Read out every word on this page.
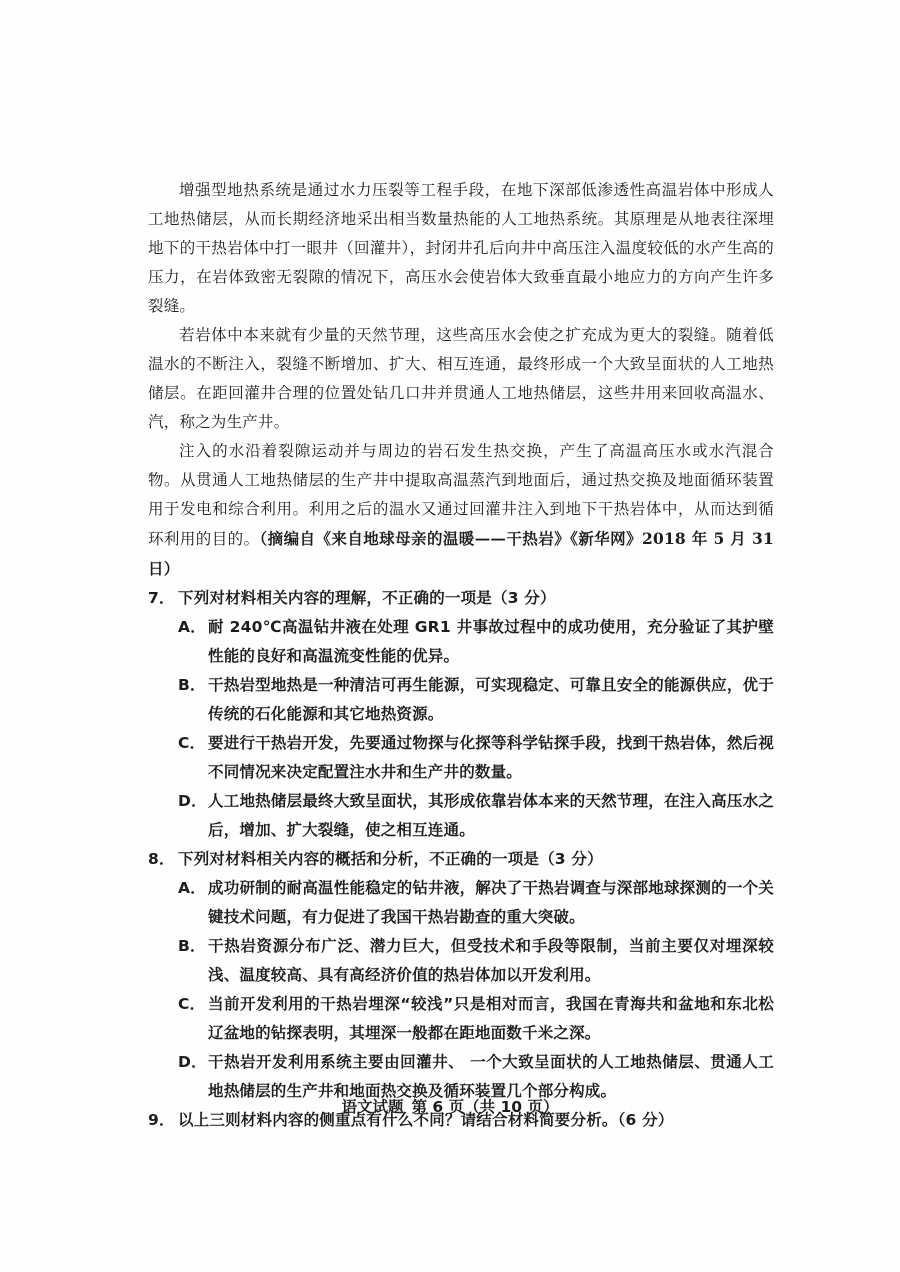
增强型地热系统是通过水力压裂等工程手段，在地下深部低渗透性高温岩体中形成人工地热储层，从而长期经济地采出相当数量热能的人工地热系统。其原理是从地表往深埋地下的干热岩体中打一眼井（回灌井），封闭井孔后向井中高压注入温度较低的水产生高的压力，在岩体致密无裂隙的情况下，高压水会使岩体大致垂直最小地应力的方向产生许多裂缝。

若岩体中本来就有少量的天然节理，这些高压水会使之扩充成为更大的裂缝。随着低温水的不断注入，裂缝不断增加、扩大、相互连通，最终形成一个大致呈面状的人工地热储层。在距回灌井合理的位置处钻几口井并贯通人工地热储层，这些井用来回收高温水、汽，称之为生产井。

注入的水沿着裂隙运动并与周边的岩石发生热交换，产生了高温高压水或水汽混合物。从贯通人工地热储层的生产井中提取高温蒸汽到地面后，通过热交换及地面循环装置用于发电和综合利用。利用之后的温水又通过回灌井注入到地下干热岩体中，从而达到循环利用的目的。（摘编自《来自地球母亲的温暖——干热岩》《新华网》2018 年 5 月 31 日）

7． 下列对材料相关内容的理解，不正确的一项是（3 分）
A． 耐 240℃高温钻井液在处理 GR1 井事故过程中的成功使用，充分验证了其护壁性能的良好和高温流变性能的优异。
B． 干热岩型地热是一种清洁可再生能源，可实现稳定、可靠且安全的能源供应，优于传统的石化能源和其它地热资源。
C． 要进行干热岩开发，先要通过物探与化探等科学钻探手段，找到干热岩体，然后视不同情况来决定配置注水井和生产井的数量。
D． 人工地热储层最终大致呈面状，其形成依靠岩体本来的天然节理，在注入高压水之后，增加、扩大裂缝，使之相互连通。
8． 下列对材料相关内容的概括和分析，不正确的一项是（3 分）
A． 成功研制的耐高温性能稳定的钻井液，解决了干热岩调查与深部地球探测的一个关键技术问题，有力促进了我国干热岩勘查的重大突破。
B． 干热岩资源分布广泛、潜力巨大，但受技术和手段等限制，当前主要仅对埋深较浅、温度较高、具有高经济价值的热岩体加以开发利用。
C． 当前开发利用的干热岩埋深“较浅”只是相对而言，我国在青海共和盆地和东北松辽盆地的钻探表明，其埋深一般都在距地面数千米之深。
D． 干热岩开发利用系统主要由回灌井、 一个大致呈面状的人工地热储层、贯通人工地热储层的生产井和地面热交换及循环装置几个部分构成。
9． 以上三则材料内容的侧重点有什么不同？请结合材料简要分析。（6 分）
语文试题 第 6 页（共 10 页）
